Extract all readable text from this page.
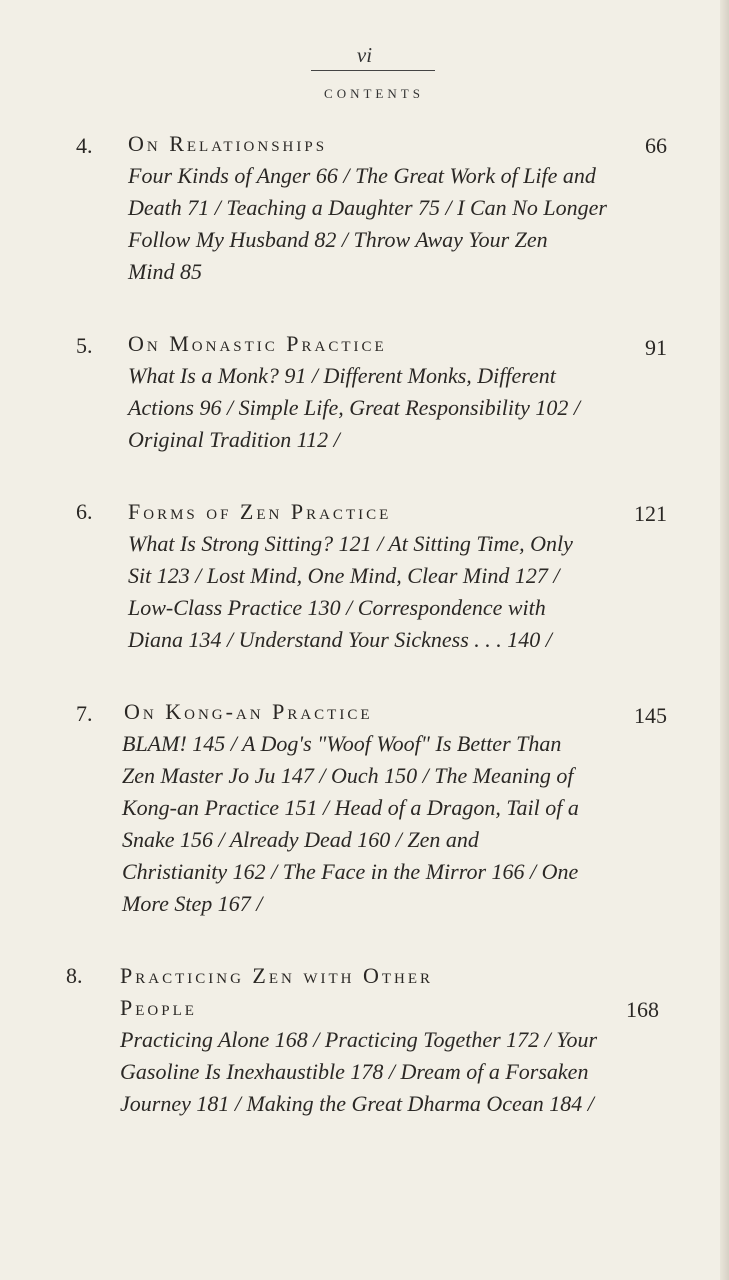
vi
CONTENTS
4. On Relationships	66
Four Kinds of Anger 66 / The Great Work of Life and
Death 71 / Teaching a Daughter 75 / I Can No Longer
Follow My Husband 82 / Throw Away Your Zen
Mind 85
5. On Monastic Practice	91
What Is a Monk? 91 / Different Monks, Different
Actions 96 / Simple Life, Great Responsibility 102 /
Original Tradition 112 /
6. Forms of Zen Practice	121
What Is Strong Sitting? 121 / At Sitting Time, Only
Sit 123 / Lost Mind, One Mind, Clear Mind 127 /
Low-Class Practice 130 / Correspondence with
Diana 134 / Understand Your Sickness . . . 140 /
7. On Kong-an Practice	145
BLAM! 145 / A Dog's "Woof Woof" Is Better Than
Zen Master Jo Ju 147 / Ouch 150 / The Meaning of
Kong-an Practice 151 / Head of a Dragon, Tail of a
Snake 156 / Already Dead 160 / Zen and
Christianity 162 / The Face in the Mirror 166 / One
More Step 167 /
8. Practicing Zen with Other
People	168
Practicing Alone 168 / Practicing Together 172 / Your
Gasoline Is Inexhaustible 178 / Dream of a Forsaken
Journey 181 / Making the Great Dharma Ocean 184 /
